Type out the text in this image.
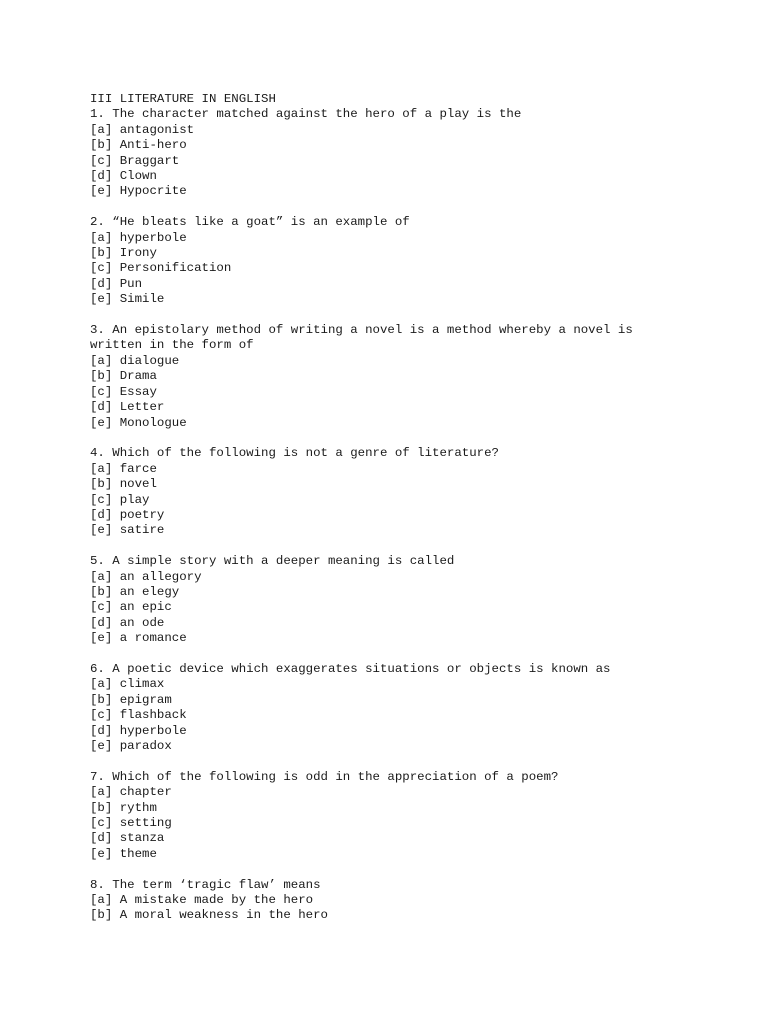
III LITERATURE IN ENGLISH

1. The character matched against the hero of a play is the

[a] antagonist
[b] Anti-hero
[c] Braggart
[d] Clown
[e] Hypocrite

2. “He bleats like a goat” is an example of

[a] hyperbole
[b] Irony
[c] Personification
[d] Pun
[e] Simile

3. An epistolary method of writing a novel is a method whereby a novel is
written in the form of

[a] dialogue
[b] Drama
[c] Essay
[d] Letter
[e] Monologue

4. Which of the following is not a genre of literature?

[a] farce
[b] novel
[c] play
[d] poetry
[e] satire

5. A simple story with a deeper meaning is called

[a] an allegory
[b] an elegy
[c] an epic
[d] an ode
[e] a romance

6. A poetic device which exaggerates situations or objects is known as

[a] climax
[b] epigram
[c] flashback
[d] hyperbole
[e] paradox

7. Which of the following is odd in the appreciation of a poem?

[a] chapter
[b] rythm
[c] setting
[d] stanza
[e] theme

8. The term ‘tragic flaw’ means

[a] A mistake made by the hero
[b] A moral weakness in the hero
